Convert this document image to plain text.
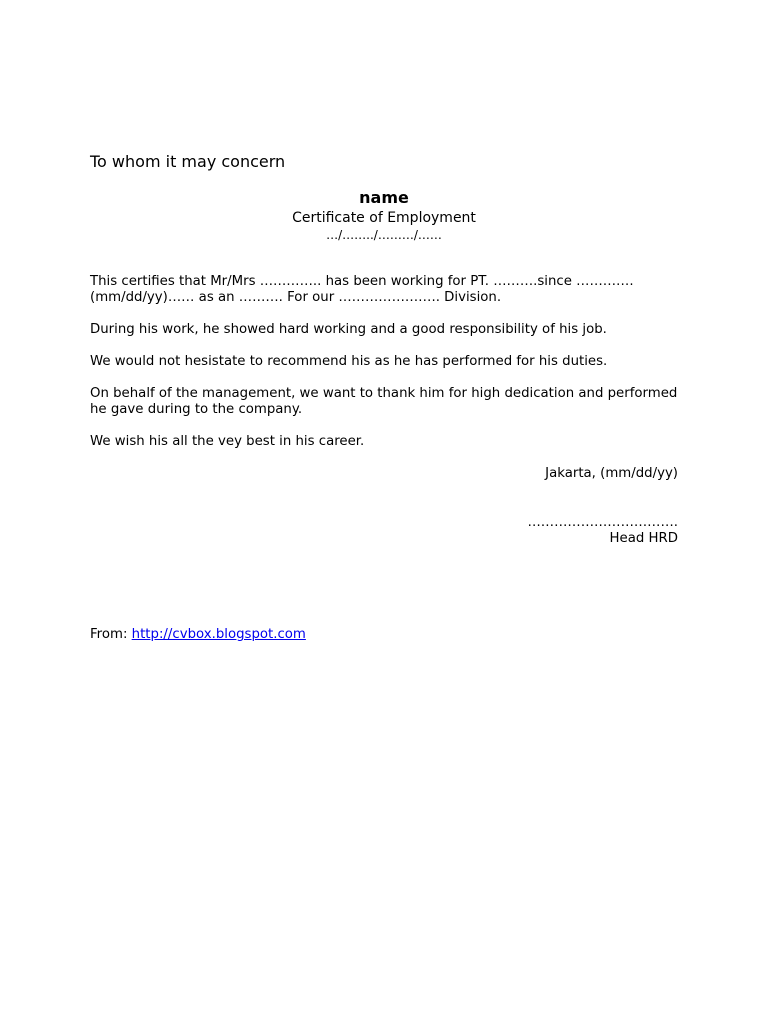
To whom it may concern
name
Certificate of Employment
…/……../………/……
This certifies that Mr/Mrs ………….. has been working for PT. ……….since …………. (mm/dd/yy)…… as an ………. For our ………………….. Division.
During his work, he showed hard working and a good responsibility of his job.
We would not hesistate to recommend his as he has performed for his duties.
On behalf of the management, we want to thank him for high dedication and performed he gave during to the company.
We wish his all the vey best in his career.
Jakarta, (mm/dd/yy)
…………………………….
Head HRD
From: http://cvbox.blogspot.com
